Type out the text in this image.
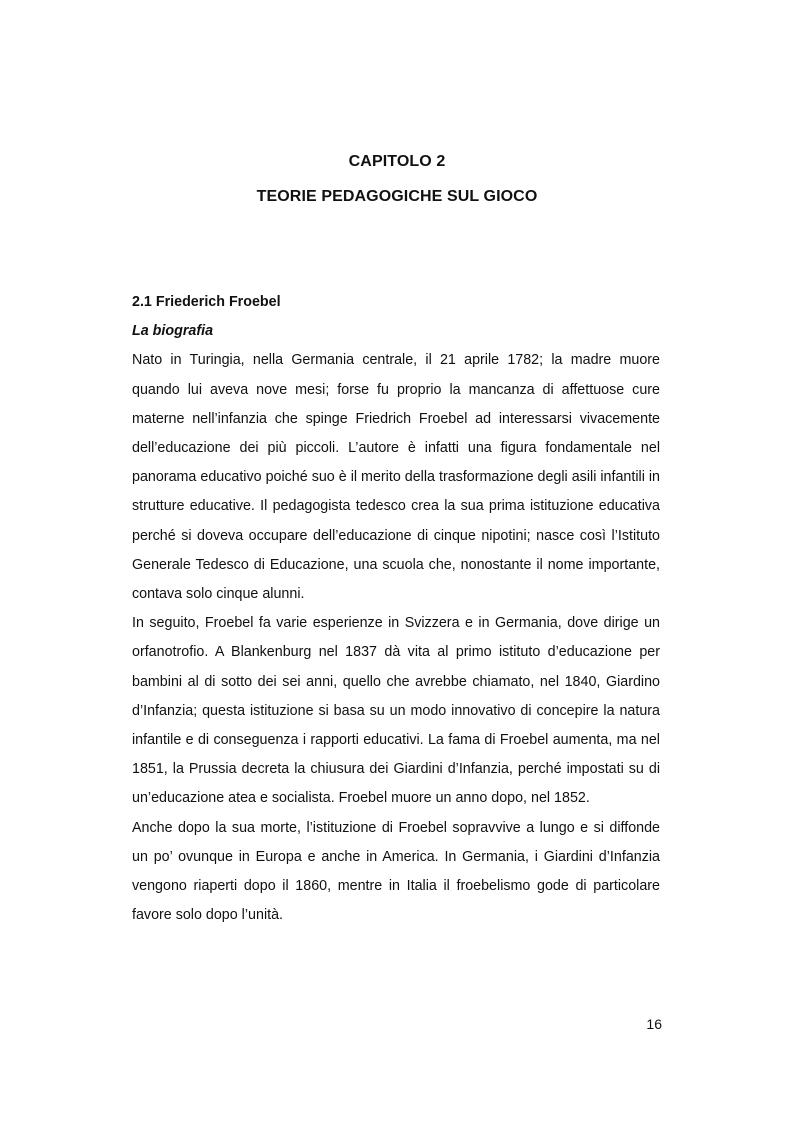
CAPITOLO 2
TEORIE PEDAGOGICHE SUL GIOCO

2.1 Friederich Froebel

La biografia

Nato in Turingia, nella Germania centrale, il 21 aprile 1782; la madre muore quando lui aveva nove mesi; forse fu proprio la mancanza di affettuose cure materne nell’infanzia che spinge Friedrich Froebel ad interessarsi vivacemente dell’educazione dei più piccoli. L’autore è infatti una figura fondamentale nel panorama educativo poiché suo è il merito della trasformazione degli asili infantili in strutture educative. Il pedagogista tedesco crea la sua prima istituzione educativa perché si doveva occupare dell’educazione di cinque nipotini; nasce così l’Istituto Generale Tedesco di Educazione, una scuola che, nonostante il nome importante, contava solo cinque alunni.

In seguito, Froebel fa varie esperienze in Svizzera e in Germania, dove dirige un orfanotrofio. A Blankenburg nel 1837 dà vita al primo istituto d’educazione per bambini al di sotto dei sei anni, quello che avrebbe chiamato, nel 1840, Giardino d’Infanzia; questa istituzione si basa su un modo innovativo di concepire la natura infantile e di conseguenza i rapporti educativi. La fama di Froebel aumenta, ma nel 1851, la Prussia decreta la chiusura dei Giardini d’Infanzia, perché impostati su di un’educazione atea e socialista. Froebel muore un anno dopo, nel 1852.

Anche dopo la sua morte, l’istituzione di Froebel sopravvive a lungo e si diffonde un po’ ovunque in Europa e anche in America. In Germania, i Giardini d’Infanzia vengono riaperti dopo il 1860, mentre in Italia il froebelismo gode di particolare favore solo dopo l’unità.

16
